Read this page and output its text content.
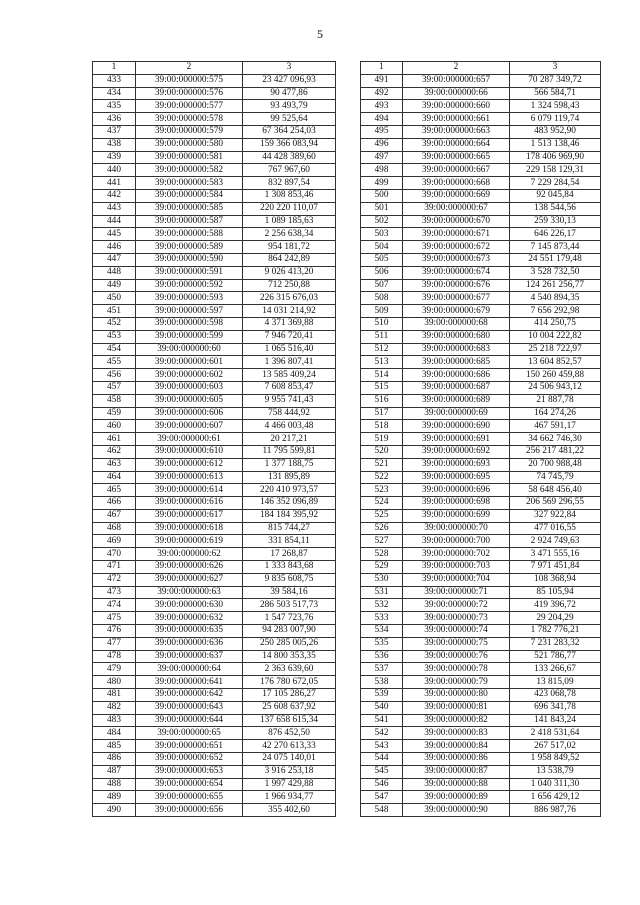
5
1	2	3
433	39:00:000000:575	23 427 096,93
434	39:00:000000:576	90 477,86
435	39:00:000000:577	93 493,79
436	39:00:000000:578	99 525,64
437	39:00:000000:579	67 364 254,03
438	39:00:000000:580	159 366 083,94
439	39:00:000000:581	44 428 389,60
440	39:00:000000:582	767 967,60
441	39:00:000000:583	832 897,54
442	39:00:000000:584	1 308 853,46
443	39:00:000000:585	220 220 110,07
444	39:00:000000:587	1 089 185,63
445	39:00:000000:588	2 256 638,34
446	39:00:000000:589	954 181,72
447	39:00:000000:590	864 242,89
448	39:00:000000:591	9 026 413,20
449	39:00:000000:592	712 250,88
450	39:00:000000:593	226 315 676,03
451	39:00:000000:597	14 031 214,92
452	39:00:000000:598	4 371 369,88
453	39:00:000000:599	7 946 720,41
454	39:00:000000:60	1 065 516,40
455	39:00:000000:601	1 396 807,41
456	39:00:000000:602	13 585 409,24
457	39:00:000000:603	7 608 853,47
458	39:00:000000:605	9 955 741,43
459	39:00:000000:606	758 444,92
460	39:00:000000:607	4 466 003,48
461	39:00:000000:61	20 217,21
462	39:00:000000:610	11 795 599,81
463	39:00:000000:612	1 377 188,75
464	39:00:000000:613	131 895,89
465	39:00:000000:614	220 410 973,57
466	39:00:000000:616	146 352 096,89
467	39:00:000000:617	184 184 395,92
468	39:00:000000:618	815 744,27
469	39:00:000000:619	331 854,11
470	39:00:000000:62	17 268,87
471	39:00:000000:626	1 333 843,68
472	39:00:000000:627	9 835 608,75
473	39:00:000000:63	39 584,16
474	39:00:000000:630	286 503 517,73
475	39:00:000000:632	1 547 723,76
476	39:00:000000:635	94 283 007,90
477	39:00:000000:636	250 285 005,26
478	39:00:000000:637	14 800 353,35
479	39:00:000000:64	2 363 639,60
480	39:00:000000:641	176 780 672,05
481	39:00:000000:642	17 105 286,27
482	39:00:000000:643	25 608 637,92
483	39:00:000000:644	137 658 615,34
484	39:00:000000:65	876 452,50
485	39:00:000000:651	42 270 613,33
486	39:00:000000:652	24 075 140,01
487	39:00:000000:653	3 916 253,18
488	39:00:000000:654	1 997 429,88
489	39:00:000000:655	1 966 934,77
490	39:00:000000:656	355 402,60
1	2	3
491	39:00:000000:657	70 287 349,72
492	39:00:000000:66	566 584,71
493	39:00:000000:660	1 324 598,43
494	39:00:000000:661	6 079 119,74
495	39:00:000000:663	483 952,90
496	39:00:000000:664	1 513 138,46
497	39:00:000000:665	178 406 969,90
498	39:00:000000:667	229 158 129,31
499	39:00:000000:668	7 229 284,54
500	39:00:000000:669	92 045,84
501	39:00:000000:67	138 544,56
502	39:00:000000:670	259 330,13
503	39:00:000000:671	646 226,17
504	39:00:000000:672	7 145 873,44
505	39:00:000000:673	24 551 179,48
506	39:00:000000:674	3 528 732,50
507	39:00:000000:676	124 261 256,77
508	39:00:000000:677	4 540 894,35
509	39:00:000000:679	7 656 292,98
510	39:00:000000:68	414 250,75
511	39:00:000000:680	10 004 222,82
512	39:00:000000:683	25 218 722,97
513	39:00:000000:685	13 604 852,57
514	39:00:000000:686	150 260 459,88
515	39:00:000000:687	24 506 943,12
516	39:00:000000:689	21 887,78
517	39:00:000000:69	164 274,26
518	39:00:000000:690	467 591,17
519	39:00:000000:691	34 662 746,30
520	39:00:000000:692	256 217 481,22
521	39:00:000000:693	20 700 988,48
522	39:00:000000:695	74 745,79
523	39:00:000000:696	58 648 456,40
524	39:00:000000:698	206 569 296,55
525	39:00:000000:699	327 922,84
526	39:00:000000:70	477 016,55
527	39:00:000000:700	2 924 749,63
528	39:00:000000:702	3 471 555,16
529	39:00:000000:703	7 971 451,84
530	39:00:000000:704	108 368,94
531	39:00:000000:71	85 105,94
532	39:00:000000:72	419 396,72
533	39:00:000000:73	29 204,29
534	39:00:000000:74	1 782 776,21
535	39:00:000000:75	7 231 283,32
536	39:00:000000:76	521 786,77
537	39:00:000000:78	133 266,67
538	39:00:000000:79	13 815,09
539	39:00:000000:80	423 068,78
540	39:00:000000:81	696 341,78
541	39:00:000000:82	141 843,24
542	39:00:000000:83	2 418 531,64
543	39:00:000000:84	267 517,02
544	39:00:000000:86	1 958 849,52
545	39:00:000000:87	13 538,79
546	39:00:000000:88	1 040 311,30
547	39:00:000000:89	1 656 429,12
548	39:00:000000:90	886 987,76
